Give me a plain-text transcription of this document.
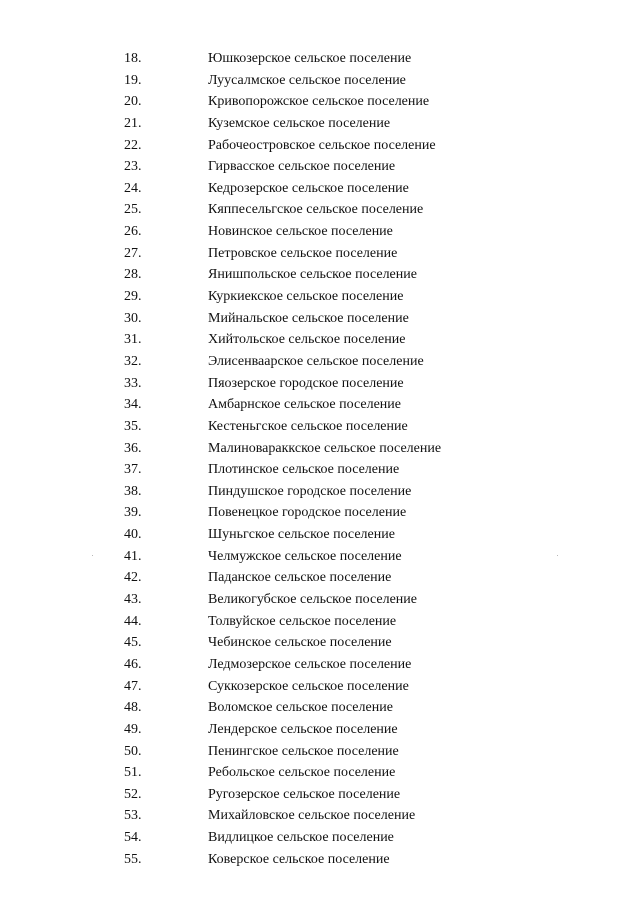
18.	Юшкозерское сельское поселение
19.	Луусалмское сельское поселение
20.	Кривопорожское сельское поселение
21.	Куземское сельское поселение
22.	Рабочеостровское сельское поселение
23.	Гирвасское сельское поселение
24.	Кедрозерское сельское поселение
25.	Кяппесельгское сельское поселение
26.	Новинское сельское поселение
27.	Петровское сельское поселение
28.	Янишпольское сельское поселение
29.	Куркиекское сельское поселение
30.	Мийнальское сельское поселение
31.	Хийтольское сельское поселение
32.	Элисенваарское сельское поселение
33.	Пяозерское городское поселение
34.	Амбарнское сельское поселение
35.	Кестеньгское сельское поселение
36.	Малиновараккское сельское поселение
37.	Плотинское сельское поселение
38.	Пиндушское городское поселение
39.	Повенецкое городское поселение
40.	Шуньгское сельское поселение
41.	Челмужское сельское поселение
42.	Паданское сельское поселение
43.	Великогубское сельское поселение
44.	Толвуйское сельское поселение
45.	Чебинское сельское поселение
46.	Ледмозерское сельское поселение
47.	Суккозерское сельское поселение
48.	Воломское сельское поселение
49.	Лендерское сельское поселение
50.	Пенингское сельское поселение
51.	Ребольское сельское поселение
52.	Ругозерское сельское поселение
53.	Михайловское сельское поселение
54.	Видлицкое сельское поселение
55.	Коверское сельское поселение
